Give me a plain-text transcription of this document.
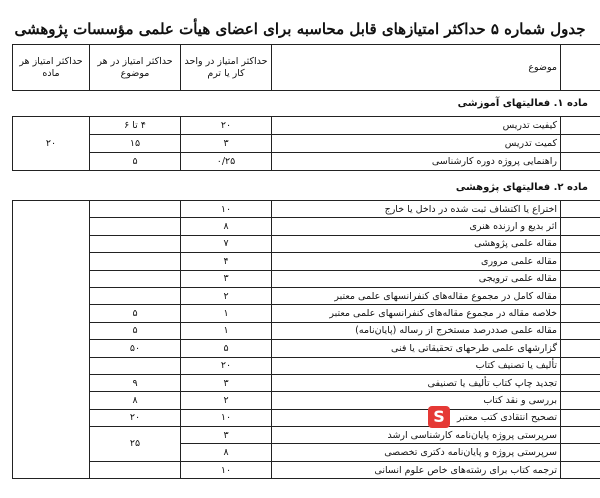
جدول شماره ۵ حداکثر امتیازهای قابل محاسبه برای اعضای هیأت علمی مؤسسات پژوهشی
	موضوع	حداکثر امتیاز در واحد کار یا ترم	حداکثر امتیاز در هر موضوع	حداکثر امتیاز هر ماده
ماده ۱. فعالیتهای آموزشی
	کیفیت تدریس	۲۰	۴ تا ۶	۲۰
	کمیت تدریس	۳	۱۵	
	راهنمایی پروژه دوره کارشناسی	۰/۲۵	۵	
ماده ۲. فعالیتهای پژوهشی
	اختراع یا اکتشاف ثبت شده در داخل یا خارج	۱۰		
	اثر بدیع و ارزنده هنری	۸		
	مقاله علمی پژوهشی	۷		
	مقاله علمی مروری	۴		
	مقاله علمی ترویجی	۳		
	مقاله کامل در مجموع مقاله‌های کنفرانسهای علمی معتبر	۲		
	خلاصه مقاله در مجموع مقاله‌های کنفرانسهای علمی معتبر	۱	۵	
	مقاله علمی صددرصد مستخرج از رساله (پایان‌نامه)	۱	۵	
	گزارشهای علمی طرحهای تحقیقاتی یا فنی	۵	۵۰	
	تألیف یا تصنیف کتاب	۲۰		
	تجدید چاپ کتاب تألیف یا تصنیفی	۳	۹	
	بررسی و نقد کتاب	۲	۸	
	تصحیح انتقادی کتب معتبر	۱۰	۲۰	
	سرپرستی پروژه پایان‌نامه کارشناسی ارشد	۳	۲۵	
	سرپرستی پروژه و پایان‌نامه دکتری تخصصی	۸		
	ترجمه کتاب برای رشته‌های خاص علوم انسانی	۱۰		
S
